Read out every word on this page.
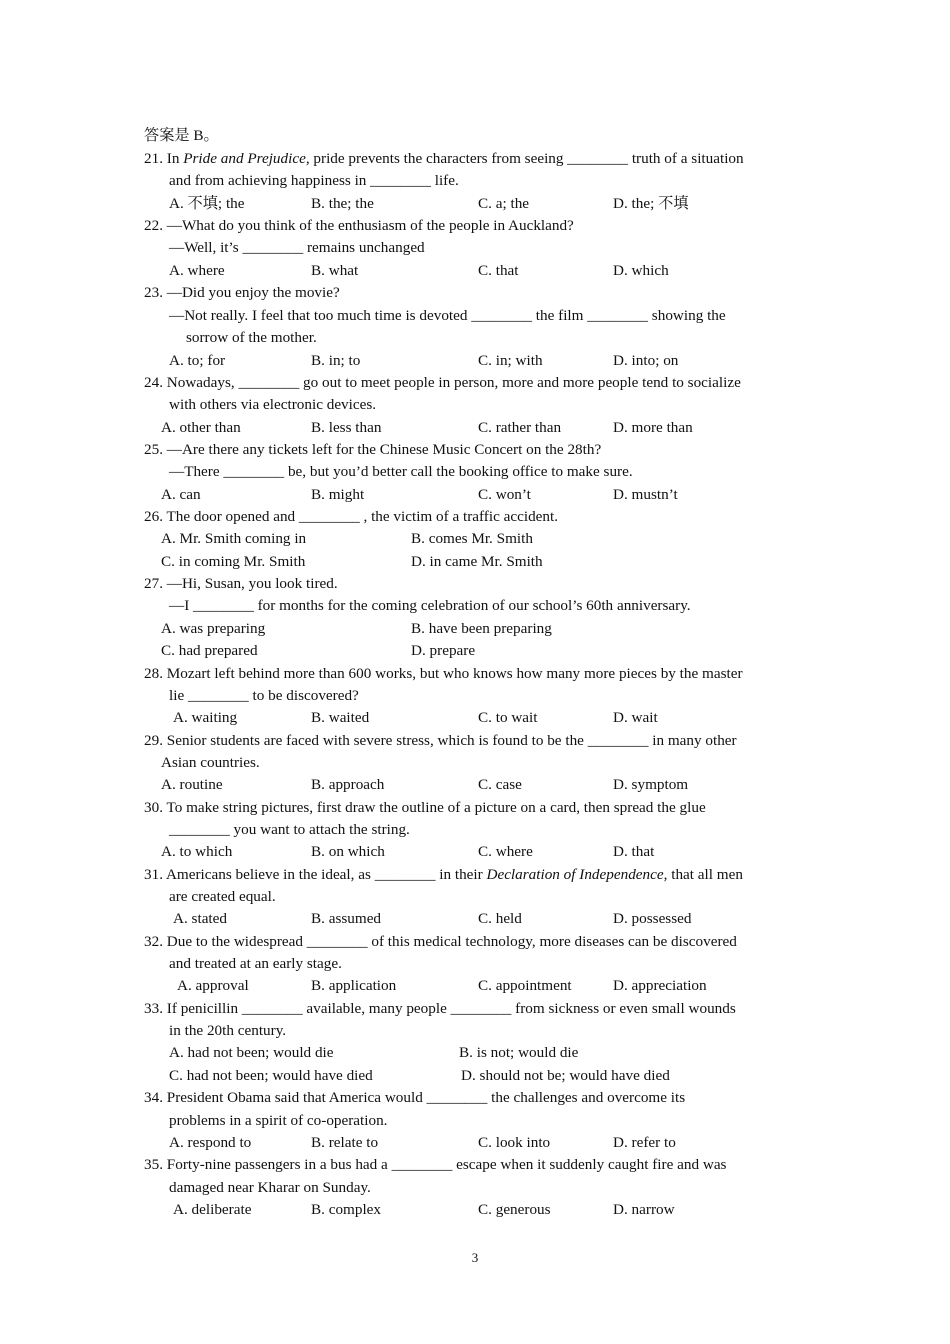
答案是 B。
21. In Pride and Prejudice, pride prevents the characters from seeing ________ truth of a situation
and from achieving happiness in ________ life.
A. 不填; the	B. the; the	C. a; the	D. the; 不填
22. —What do you think of the enthusiasm of the people in Auckland?
—Well, it’s ________ remains unchanged
A. where	B. what	C. that	D. which
23. —Did you enjoy the movie?
—Not really. I feel that too much time is devoted ________ the film ________ showing the
sorrow of the mother.
A. to; for	B. in; to	C. in; with	D. into; on
24. Nowadays, ________ go out to meet people in person, more and more people tend to socialize
with others via electronic devices.
A. other than	B. less than	C. rather than	D. more than
25. —Are there any tickets left for the Chinese Music Concert on the 28th?
—There ________ be, but you’d better call the booking office to make sure.
A. can	B. might	C. won’t	D. mustn’t
26. The door opened and ________ , the victim of a traffic accident.
A. Mr. Smith coming in	B. comes Mr. Smith
C. in coming Mr. Smith	D. in came Mr. Smith
27. —Hi, Susan, you look tired.
—I ________ for months for the coming celebration of our school’s 60th anniversary.
A. was preparing	B. have been preparing
C. had prepared	D. prepare
28. Mozart left behind more than 600 works, but who knows how many more pieces by the master
lie ________ to be discovered?
A. waiting	B. waited	C. to wait	D. wait
29. Senior students are faced with severe stress, which is found to be the ________ in many other
Asian countries.
A. routine	B. approach	C. case	D. symptom
30. To make string pictures, first draw the outline of a picture on a card, then spread the glue
________ you want to attach the string.
A. to which	B. on which	C. where	D. that
31. Americans believe in the ideal, as ________ in their Declaration of Independence, that all men
are created equal.
A. stated	B. assumed	C. held	D. possessed
32. Due to the widespread ________ of this medical technology, more diseases can be discovered
and treated at an early stage.
A. approval	B. application	C. appointment	D. appreciation
33. If penicillin ________ available, many people ________ from sickness or even small wounds
in the 20th century.
A. had not been; would die	B. is not; would die
C. had not been; would have died	D. should not be; would have died
34. President Obama said that America would ________ the challenges and overcome its
problems in a spirit of co-operation.
A. respond to	B. relate to	C. look into	D. refer to
35. Forty-nine passengers in a bus had a ________ escape when it suddenly caught fire and was
damaged near Kharar on Sunday.
A. deliberate	B. complex	C. generous	D. narrow
3
